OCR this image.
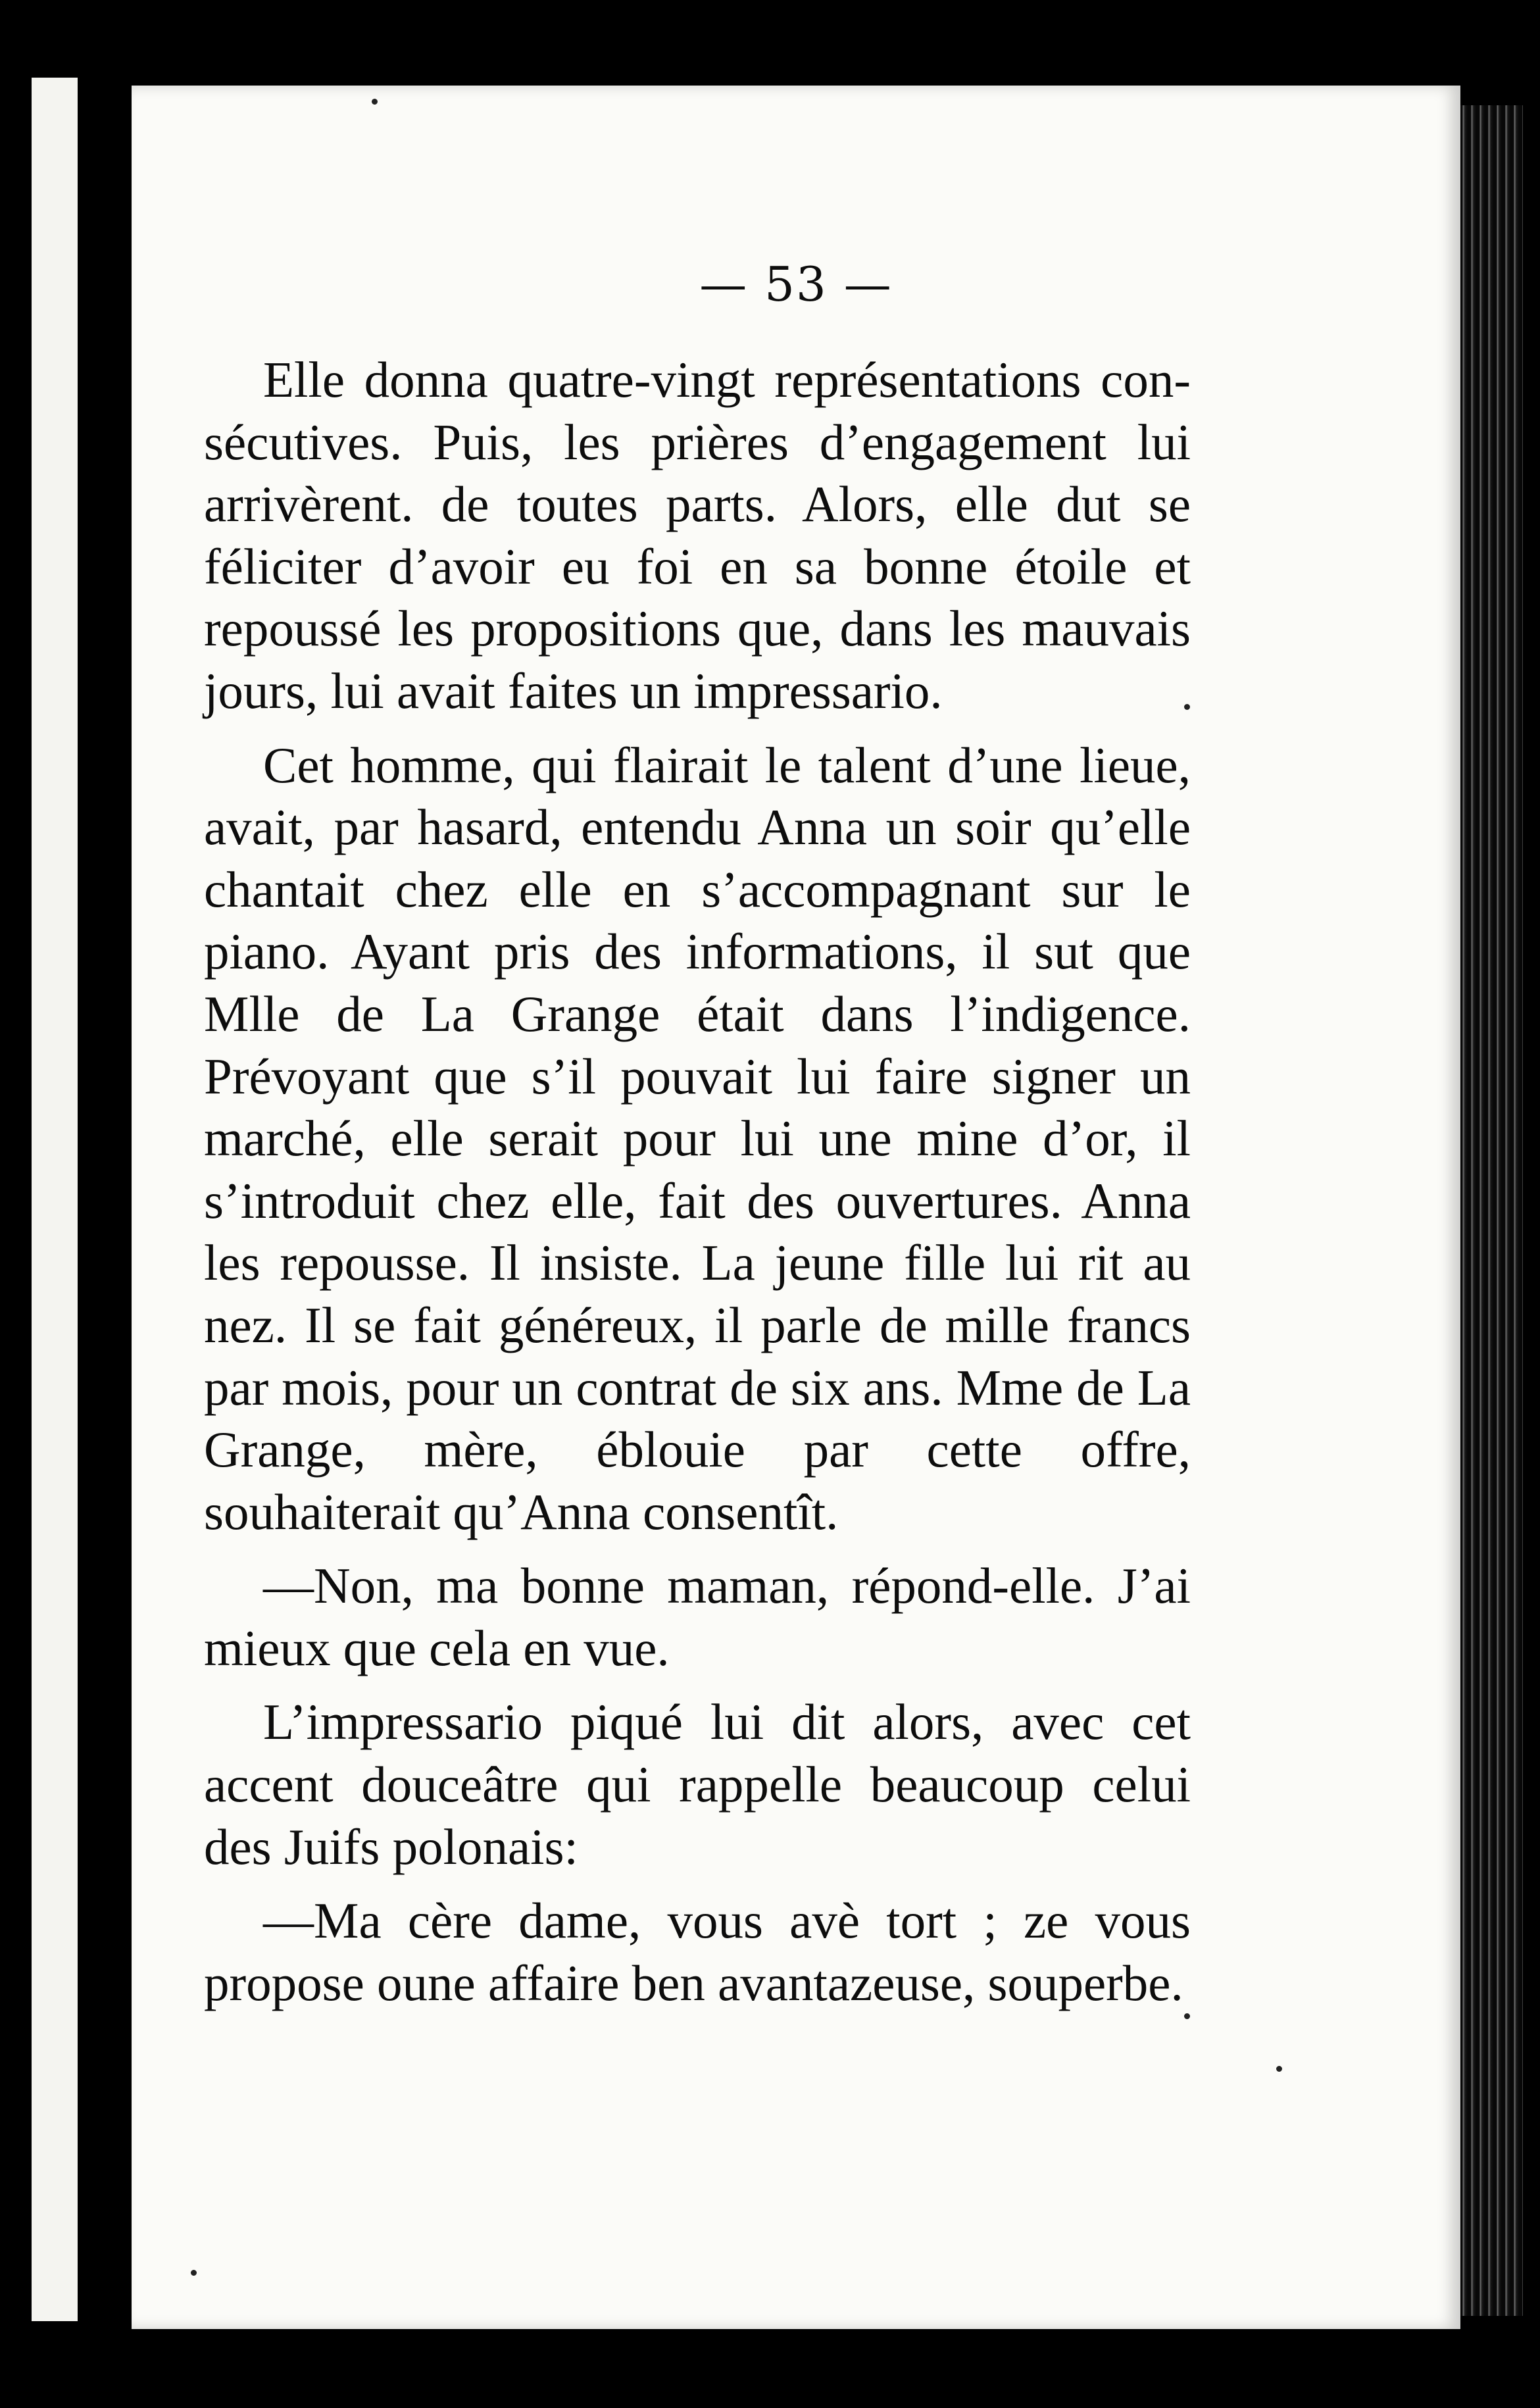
— 53 —

Elle donna quatre-vingt représentations consécutives. Puis, les prières d’engagement lui arrivèrent. de toutes parts. Alors, elle dut se féliciter d’avoir eu foi en sa bonne étoile et repoussé les propositions que, dans les mauvais jours, lui avait faites un impressario.

Cet homme, qui flairait le talent d’une lieue, avait, par hasard, entendu Anna un soir qu’elle chantait chez elle en s’accompagnant sur le piano. Ayant pris des informations, il sut que Mlle de La Grange était dans l’indigence. Prévoyant que s’il pouvait lui faire signer un marché, elle serait pour lui une mine d’or, il s’introduit chez elle, fait des ouvertures. Anna les repousse. Il insiste. La jeune fille lui rit au nez. Il se fait généreux, il parle de mille francs par mois, pour un contrat de six ans. Mme de La Grange, mère, éblouie par cette offre, souhaiterait qu’Anna consentît.

—Non, ma bonne maman, répond-elle. J’ai mieux que cela en vue.

L’impressario piqué lui dit alors, avec cet accent douceâtre qui rappelle beaucoup celui des Juifs polonais:

—Ma cère dame, vous avè tort ; ze vous propose oune affaire ben avantazeuse, souperbe.
